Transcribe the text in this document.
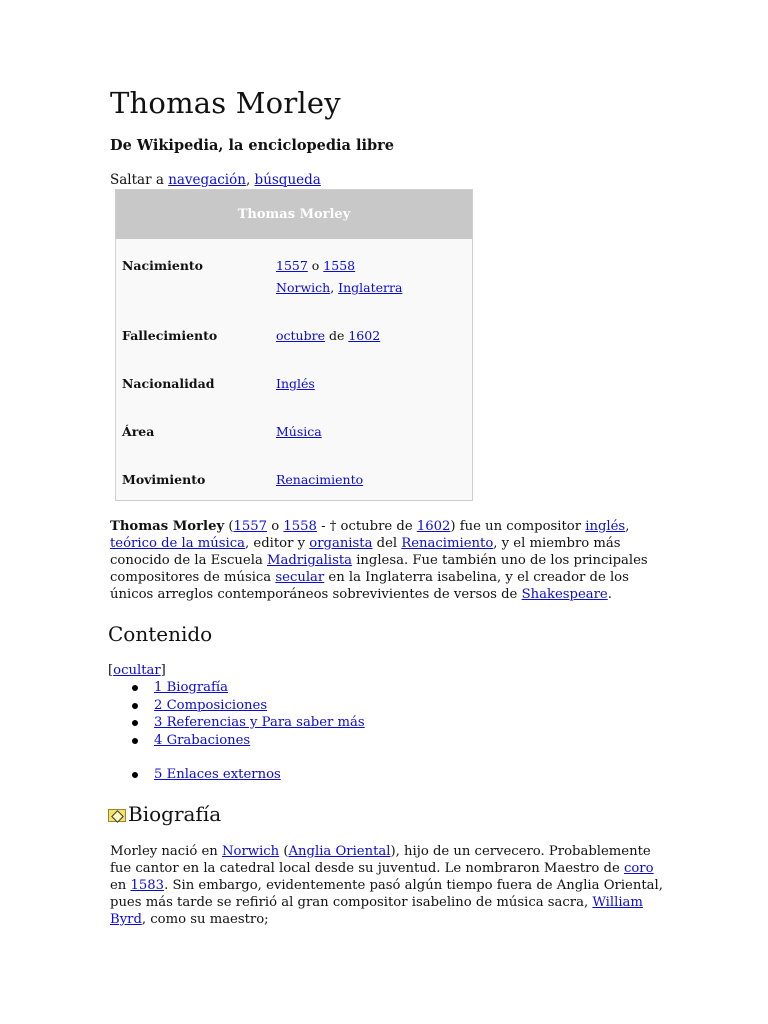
Thomas Morley

De Wikipedia, la enciclopedia libre

Saltar a navegación, búsqueda
Thomas Morley
Nacimiento	1557 o 1558
Norwich, Inglaterra
Fallecimiento	octubre de 1602
Nacionalidad	Inglés
Área	Música
Movimiento	Renacimiento
Thomas Morley (1557 o 1558 - † octubre de 1602) fue un compositor inglés, teórico de la música, editor y organista del Renacimiento, y el miembro más conocido de la Escuela Madrigalista inglesa. Fue también uno de los principales compositores de música secular en la Inglaterra isabelina, y el creador de los únicos arreglos contemporáneos sobrevivientes de versos de Shakespeare.
Contenido
[ocultar]
1 Biografía
2 Composiciones
3 Referencias y Para saber más
4 Grabaciones
5 Enlaces externos
Biografía
Morley nació en Norwich (Anglia Oriental), hijo de un cervecero. Probablemente fue cantor en la catedral local desde su juventud. Le nombraron Maestro de coro en 1583. Sin embargo, evidentemente pasó algún tiempo fuera de Anglia Oriental, pues más tarde se refirió al gran compositor isabelino de música sacra, William Byrd, como su maestro;
